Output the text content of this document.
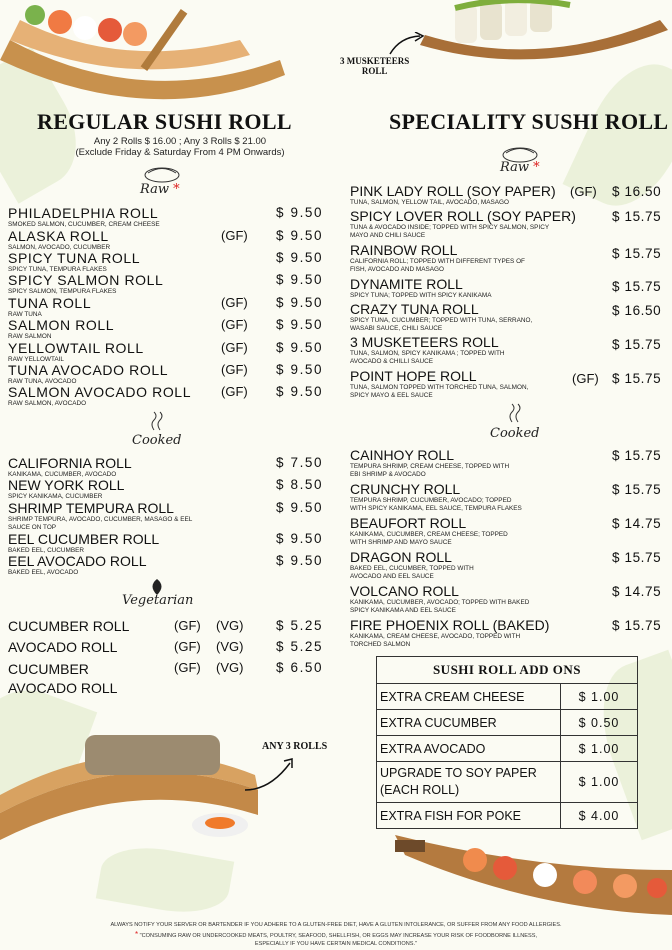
3 MUSKETEERS
ROLL
ANY 3 ROLLS
REGULAR SUSHI ROLL
Any 2 Rolls $ 16.00 ; Any 3 Rolls $ 21.00
(Exclude Friday & Saturday From 4 PM Onwards)
SPECIALITY SUSHI ROLL
Raw *
Cooked
Vegetarian
Raw *
Cooked
PHILADELPHIA ROLL
SMOKED SALMON, CUCUMBER, CREAM CHEESE
$ 9.50
ALASKA ROLL
SALMON, AVOCADO, CUCUMBER
(GF) $ 9.50
SPICY TUNA ROLL
SPICY TUNA, TEMPURA FLAKES
$ 9.50
SPICY SALMON ROLL
SPICY SALMON, TEMPURA FLAKES
$ 9.50
TUNA ROLL
RAW TUNA
(GF) $ 9.50
SALMON ROLL
RAW SALMON
(GF) $ 9.50
YELLOWTAIL ROLL
RAW YELLOWTAIL
(GF) $ 9.50
TUNA AVOCADO ROLL
RAW TUNA, AVOCADO
(GF) $ 9.50
SALMON AVOCADO ROLL
RAW SALMON, AVOCADO
(GF) $ 9.50
CALIFORNIA ROLL
KANIKAMA, CUCUMBER, AVOCADO
$ 7.50
NEW YORK ROLL
SPICY KANIKAMA, CUCUMBER
$ 8.50
SHRIMP TEMPURA ROLL
SHRIMP TEMPURA, AVOCADO, CUCUMBER, MASAGO & EEL SAUCE ON TOP
$ 9.50
EEL CUCUMBER ROLL
BAKED EEL, CUCUMBER
$ 9.50
EEL AVOCADO ROLL
BAKED EEL, AVOCADO
$ 9.50
CUCUMBER ROLL	(GF) (VG) $ 5.25
AVOCADO ROLL	(GF) (VG) $ 5.25
CUCUMBER AVOCADO ROLL
(GF) (VG) $ 6.50
PINK LADY ROLL (SOY PAPER)
TUNA, SALMON, YELLOW TAIL, AVOCADO, MASAGO
(GF) $ 16.50
SPICY LOVER ROLL (SOY PAPER)
TUNA & AVOCADO INSIDE; TOPPED WITH SPICY SALMON, SPICY MAYO AND CHILI SAUCE
$ 15.75
RAINBOW ROLL
CALIFORNIA ROLL; TOPPED WITH DIFFERENT TYPES OF FISH, AVOCADO AND MASAGO
$ 15.75
DYNAMITE ROLL
SPICY TUNA; TOPPED WITH SPICY KANIKAMA
$ 15.75
CRAZY TUNA ROLL
SPICY TUNA, CUCUMBER; TOPPED WITH TUNA, SERRANO, WASABI SAUCE, CHILI SAUCE
$ 16.50
3 MUSKETEERS ROLL
TUNA, SALMON, SPICY KANIKAMA ; TOPPED WITH AVOCADO & CHILLI SAUCE
$ 15.75
POINT HOPE ROLL
TUNA, SALMON TOPPED WITH TORCHED TUNA, SALMON, SPICY MAYO & EEL SAUCE
(GF) $ 15.75
CAINHOY ROLL
TEMPURA SHRIMP, CREAM CHEESE, TOPPED WITH EBI SHRIMP & AVOCADO
$ 15.75
CRUNCHY ROLL
TEMPURA SHRIMP, CUCUMBER, AVOCADO; TOPPED WITH SPICY KANIKAMA, EEL SAUCE, TEMPURA FLAKES
$ 15.75
BEAUFORT ROLL
KANIKAMA, CUCUMBER, CREAM CHEESE; TOPPED WITH SHRIMP AND MAYO SAUCE
$ 14.75
DRAGON ROLL
BAKED EEL, CUCUMBER, TOPPED WITH AVOCADO AND EEL SAUCE
$ 15.75
VOLCANO ROLL
KANIKAMA, CUCUMBER, AVOCADO; TOPPED WITH BAKED SPICY KANIKAMA AND EEL SAUCE
$ 14.75
FIRE PHOENIX ROLL (BAKED)
KANIKAMA, CREAM CHEESE, AVOCADO, TOPPED WITH TORCHED SALMON
$ 15.75
SUSHI ROLL ADD ONS	
EXTRA CREAM CHEESE	$ 1.00
EXTRA CUCUMBER	$ 0.50
EXTRA AVOCADO	$ 1.00
UPGRADE TO SOY PAPER (EACH ROLL)	$ 1.00
EXTRA FISH FOR POKE	$ 4.00
ALWAYS NOTIFY YOUR SERVER OR BARTENDER IF YOU ADHERE TO A GLUTEN-FREE DIET, HAVE A GLUTEN INTOLERANCE, OR SUFFER FROM ANY FOOD ALLERGIES.
* "CONSUMING RAW OR UNDERCOOKED MEATS, POULTRY, SEAFOOD, SHELLFISH, OR EGGS MAY INCREASE YOUR RISK OF FOODBORNE ILLNESS,
ESPECIALLY IF YOU HAVE CERTAIN MEDICAL CONDITIONS."
